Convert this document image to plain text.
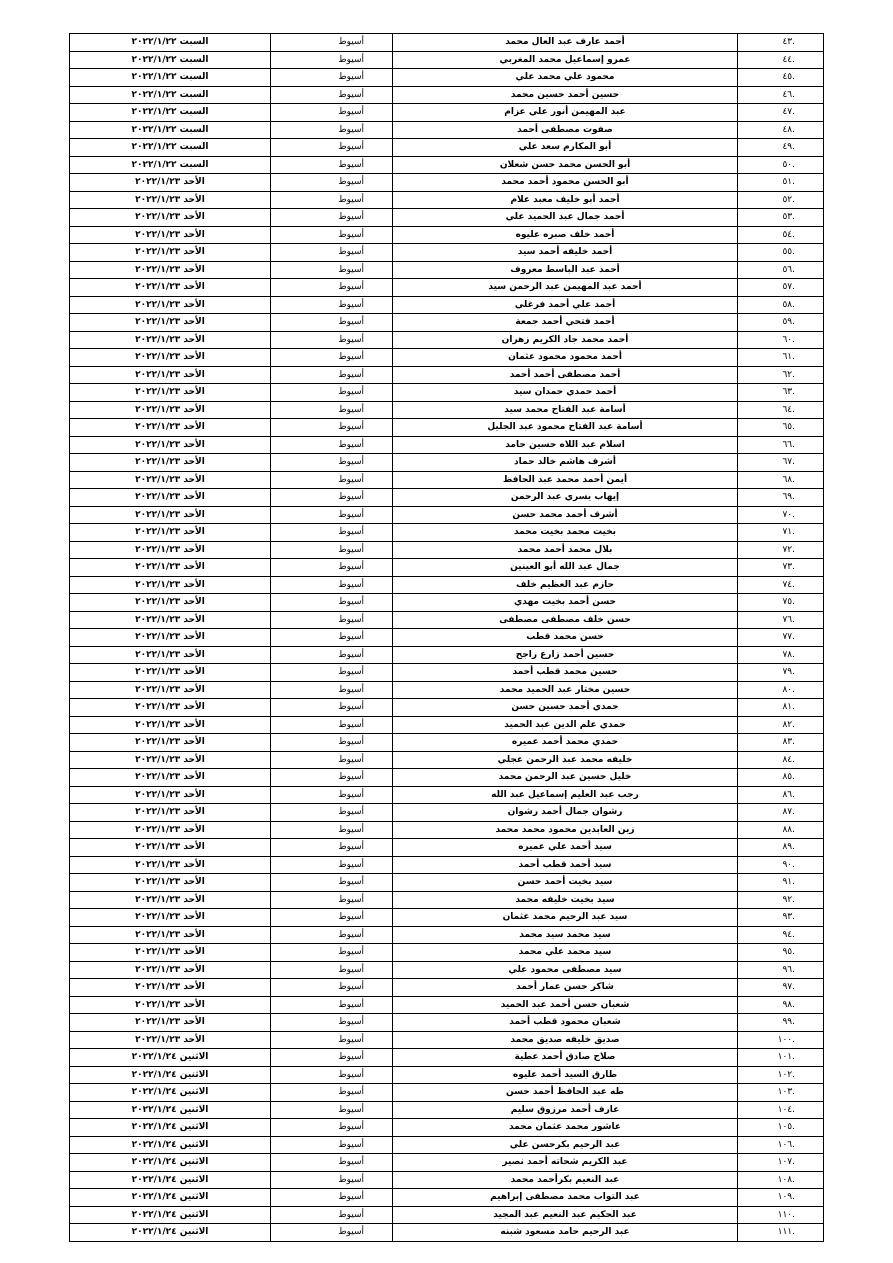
.٤٣	أحمد عارف عبد العال محمد	أسيوط	السبت ٢٠٢٢/١/٢٢
.٤٤	عمرو إسماعيل محمد المغربي	أسيوط	السبت ٢٠٢٢/١/٢٢
.٤٥	محمود علي محمد علي	أسيوط	السبت ٢٠٢٢/١/٢٢
.٤٦	حسين أحمد حسين محمد	أسيوط	السبت ٢٠٢٢/١/٢٢
.٤٧	عبد المهيمن أنور علي عزام	أسيوط	السبت ٢٠٢٢/١/٢٢
.٤٨	صفوت مصطفى أحمد	أسيوط	السبت ٢٠٢٢/١/٢٢
.٤٩	أبو المكارم سعد علي	أسيوط	السبت ٢٠٢٢/١/٢٢
.٥٠	أبو الحسن محمد حسن شعلان	أسيوط	السبت ٢٠٢٢/١/٢٢
.٥١	أبو الحسن محمود أحمد محمد	أسيوط	الأحد ٢٠٢٢/١/٢٣
.٥٢	أحمد أبو خليف معبد علام	أسيوط	الأحد ٢٠٢٢/١/٢٣
.٥٣	أحمد جمال عبد الحميد علي	أسيوط	الأحد ٢٠٢٢/١/٢٣
.٥٤	أحمد خلف صبره عليوه	أسيوط	الأحد ٢٠٢٢/١/٢٣
.٥٥	أحمد خليفه أحمد سيد	أسيوط	الأحد ٢٠٢٢/١/٢٣
.٥٦	أحمد عبد الباسط معروف	أسيوط	الأحد ٢٠٢٢/١/٢٣
.٥٧	أحمد عبد المهيمن عبد الرحمن سيد	أسيوط	الأحد ٢٠٢٢/١/٢٣
.٥٨	أحمد علي أحمد فرغلي	أسيوط	الأحد ٢٠٢٢/١/٢٣
.٥٩	أحمد فتحي أحمد جمعة	أسيوط	الأحد ٢٠٢٢/١/٢٣
.٦٠	أحمد محمد جاد الكريم زهران	أسيوط	الأحد ٢٠٢٢/١/٢٣
.٦١	أحمد محمود محمود عثمان	أسيوط	الأحد ٢٠٢٢/١/٢٣
.٦٢	أحمد مصطفى أحمد أحمد	أسيوط	الأحد ٢٠٢٢/١/٢٣
.٦٣	أحمد حمدي حمدان سيد	أسيوط	الأحد ٢٠٢٢/١/٢٣
.٦٤	أسامة عبد الفتاح محمد سيد	أسيوط	الأحد ٢٠٢٢/١/٢٣
.٦٥	أسامة عبد الفتاح محمود عبد الجليل	أسيوط	الأحد ٢٠٢٢/١/٢٣
.٦٦	اسلام عبد اللاه حسين حامد	أسيوط	الأحد ٢٠٢٢/١/٢٣
.٦٧	أشرف هاشم خالد حماد	أسيوط	الأحد ٢٠٢٢/١/٢٣
.٦٨	أيمن أحمد محمد عبد الحافظ	أسيوط	الأحد ٢٠٢٢/١/٢٣
.٦٩	إيهاب يسري عبد الرحمن	أسيوط	الأحد ٢٠٢٢/١/٢٣
.٧٠	أشرف أحمد محمد حسن	أسيوط	الأحد ٢٠٢٢/١/٢٣
.٧١	بخيت محمد بخيت محمد	أسيوط	الأحد ٢٠٢٢/١/٢٣
.٧٢	بلال محمد أحمد محمد	أسيوط	الأحد ٢٠٢٢/١/٢٣
.٧٣	جمال عبد الله أبو العينين	أسيوط	الأحد ٢٠٢٢/١/٢٣
.٧٤	حازم عبد العظيم خلف	أسيوط	الأحد ٢٠٢٢/١/٢٣
.٧٥	حسن أحمد بخيت مهدي	أسيوط	الأحد ٢٠٢٢/١/٢٣
.٧٦	حسن خلف مصطفى مصطفى	أسيوط	الأحد ٢٠٢٢/١/٢٣
.٧٧	حسن محمد قطب	أسيوط	الأحد ٢٠٢٢/١/٢٣
.٧٨	حسين أحمد زارع راجح	أسيوط	الأحد ٢٠٢٢/١/٢٣
.٧٩	حسين محمد قطب أحمد	أسيوط	الأحد ٢٠٢٢/١/٢٣
.٨٠	حسين مختار عبد الحميد محمد	أسيوط	الأحد ٢٠٢٢/١/٢٣
.٨١	حمدي أحمد حسين حسن	أسيوط	الأحد ٢٠٢٢/١/٢٣
.٨٢	حمدي علم الدين عبد الحميد	أسيوط	الأحد ٢٠٢٢/١/٢٣
.٨٣	حمدي محمد أحمد عميره	أسيوط	الأحد ٢٠٢٢/١/٢٣
.٨٤	خليفه محمد عبد الرحمن عجلي	أسيوط	الأحد ٢٠٢٢/١/٢٣
.٨٥	خليل حسين عبد الرحمن محمد	أسيوط	الأحد ٢٠٢٢/١/٢٣
.٨٦	رجب عبد العليم إسماعيل عبد الله	أسيوط	الأحد ٢٠٢٢/١/٢٣
.٨٧	رشوان جمال أحمد رشوان	أسيوط	الأحد ٢٠٢٢/١/٢٣
.٨٨	زين العابدين محمود محمد محمد	أسيوط	الأحد ٢٠٢٢/١/٢٣
.٨٩	سيد أحمد علي عميره	أسيوط	الأحد ٢٠٢٢/١/٢٣
.٩٠	سيد أحمد قطب أحمد	أسيوط	الأحد ٢٠٢٢/١/٢٣
.٩١	سيد بخيت أحمد حسن	أسيوط	الأحد ٢٠٢٢/١/٢٣
.٩٢	سيد بخيت خليفه محمد	أسيوط	الأحد ٢٠٢٢/١/٢٣
.٩٣	سيد عبد الرحيم محمد عثمان	أسيوط	الأحد ٢٠٢٢/١/٢٣
.٩٤	سيد محمد سيد محمد	أسيوط	الأحد ٢٠٢٢/١/٢٣
.٩٥	سيد محمد علي محمد	أسيوط	الأحد ٢٠٢٢/١/٢٣
.٩٦	سيد مصطفى محمود علي	أسيوط	الأحد ٢٠٢٢/١/٢٣
.٩٧	شاكر حسن عمار أحمد	أسيوط	الأحد ٢٠٢٢/١/٢٣
.٩٨	شعبان حسن أحمد عبد الحميد	أسيوط	الأحد ٢٠٢٢/١/٢٣
.٩٩	شعبان محمود قطب أحمد	أسيوط	الأحد ٢٠٢٢/١/٢٣
.١٠٠	صديق خليفه صديق محمد	أسيوط	الأحد ٢٠٢٢/١/٢٣
.١٠١	صلاح صادق أحمد عطية	أسيوط	الاثنين ٢٠٢٢/١/٢٤
.١٠٢	طارق السيد أحمد عليوه	أسيوط	الاثنين ٢٠٢٢/١/٢٤
.١٠٣	طه عبد الحافظ أحمد حسن	أسيوط	الاثنين ٢٠٢٢/١/٢٤
.١٠٤	عارف أحمد مرزوق سليم	أسيوط	الاثنين ٢٠٢٢/١/٢٤
.١٠٥	عاشور محمد عثمان محمد	أسيوط	الاثنين ٢٠٢٢/١/٢٤
.١٠٦	عبد الرحيم بكرحسن علي	أسيوط	الاثنين ٢٠٢٢/١/٢٤
.١٠٧	عبد الكريم شحاته أحمد نصير	أسيوط	الاثنين ٢٠٢٢/١/٢٤
.١٠٨	عبد النعيم بكرأحمد محمد	أسيوط	الاثنين ٢٠٢٢/١/٢٤
.١٠٩	عبد التواب محمد مصطفى إبراهيم	أسيوط	الاثنين ٢٠٢٢/١/٢٤
.١١٠	عبد الحكيم عبد النعيم عبد المجيد	أسيوط	الاثنين ٢٠٢٢/١/٢٤
.١١١	عبد الرحيم حامد مسعود شبنه	أسيوط	الاثنين ٢٠٢٢/١/٢٤
